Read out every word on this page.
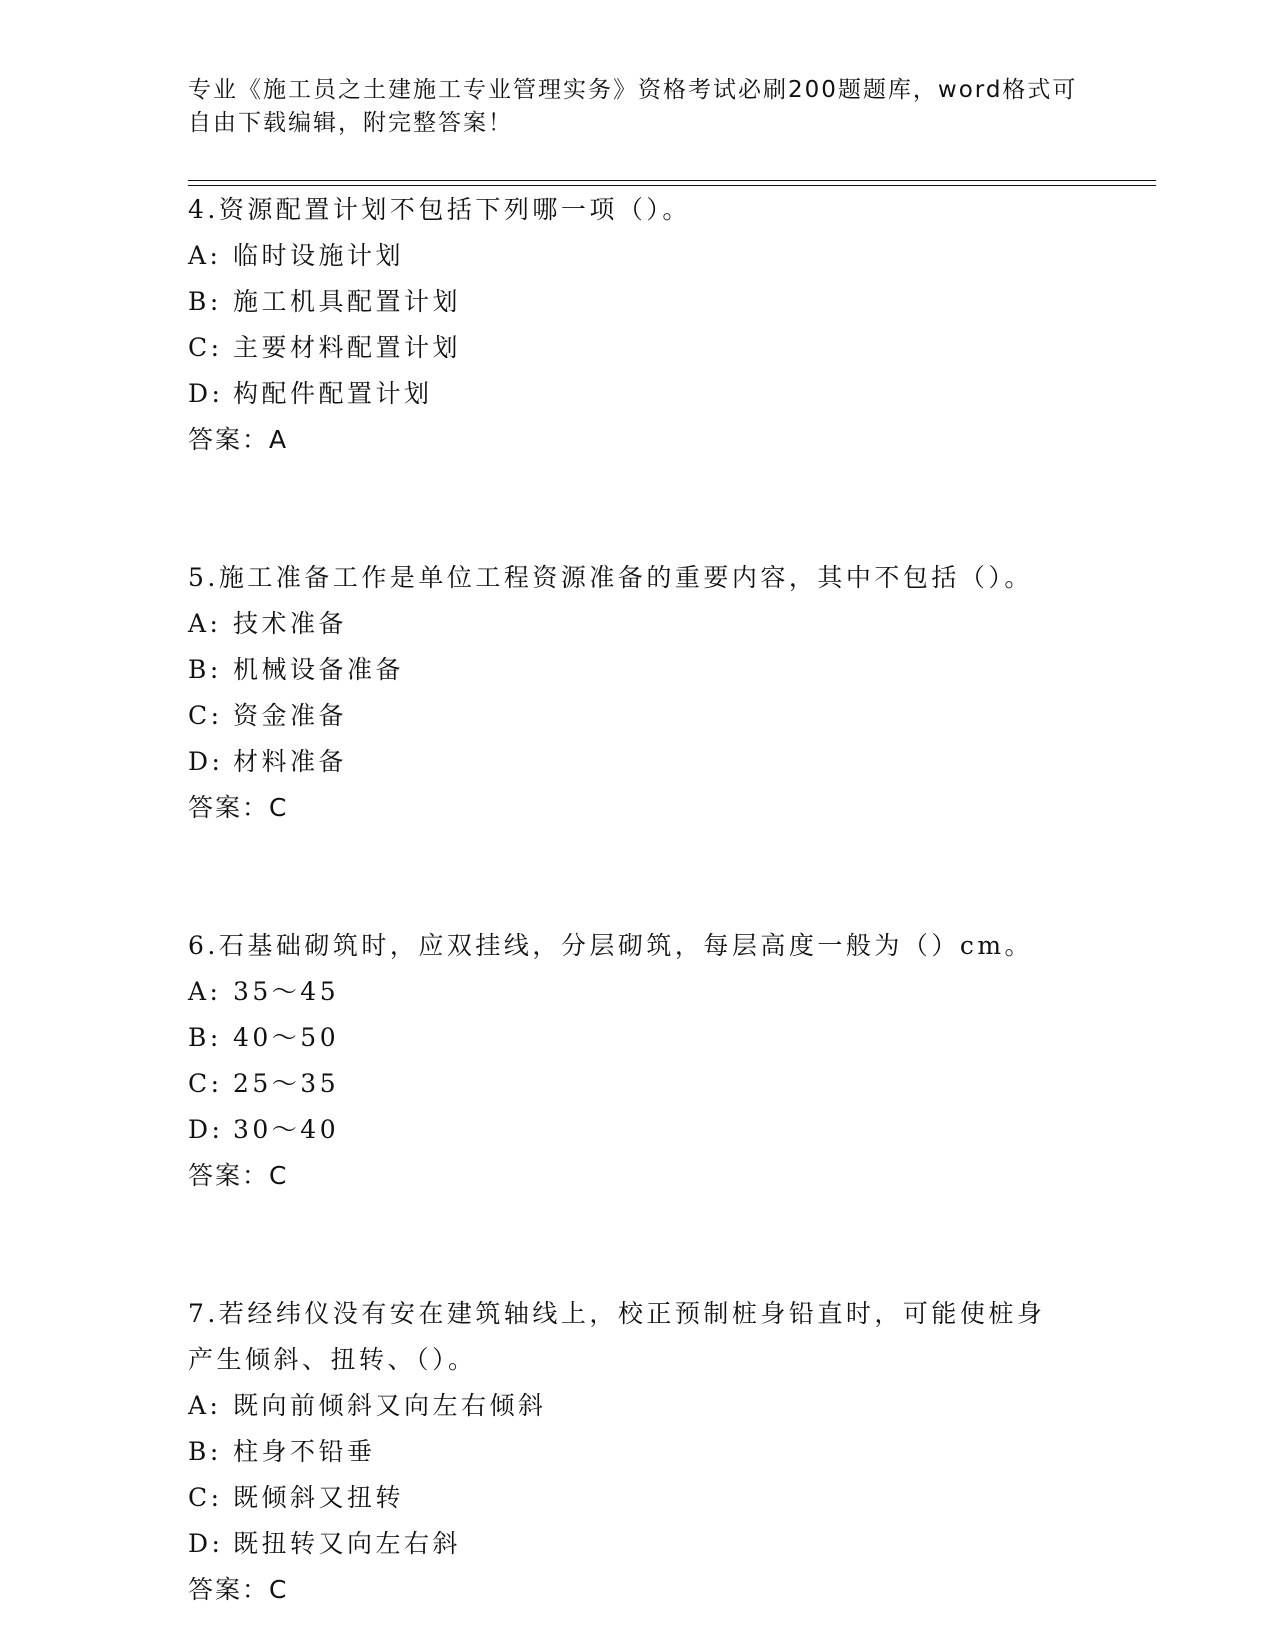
专业《施工员之土建施工专业管理实务》资格考试必刷200题题库，word格式可
自由下载编辑，附完整答案！
4.资源配置计划不包括下列哪一项（）。
A: 临时设施计划
B: 施工机具配置计划
C: 主要材料配置计划
D: 构配件配置计划
答案：A
5.施工准备工作是单位工程资源准备的重要内容，其中不包括（）。
A: 技术准备
B: 机械设备准备
C: 资金准备
D: 材料准备
答案：C
6.石基础砌筑时，应双挂线，分层砌筑，每层高度一般为（）cm。
A: 35～45
B: 40～50
C: 25～35
D: 30～40
答案：C
7.若经纬仪没有安在建筑轴线上，校正预制桩身铅直时，可能使桩身
产生倾斜、扭转、（）。
A: 既向前倾斜又向左右倾斜
B: 柱身不铅垂
C: 既倾斜又扭转
D: 既扭转又向左右斜
答案：C
